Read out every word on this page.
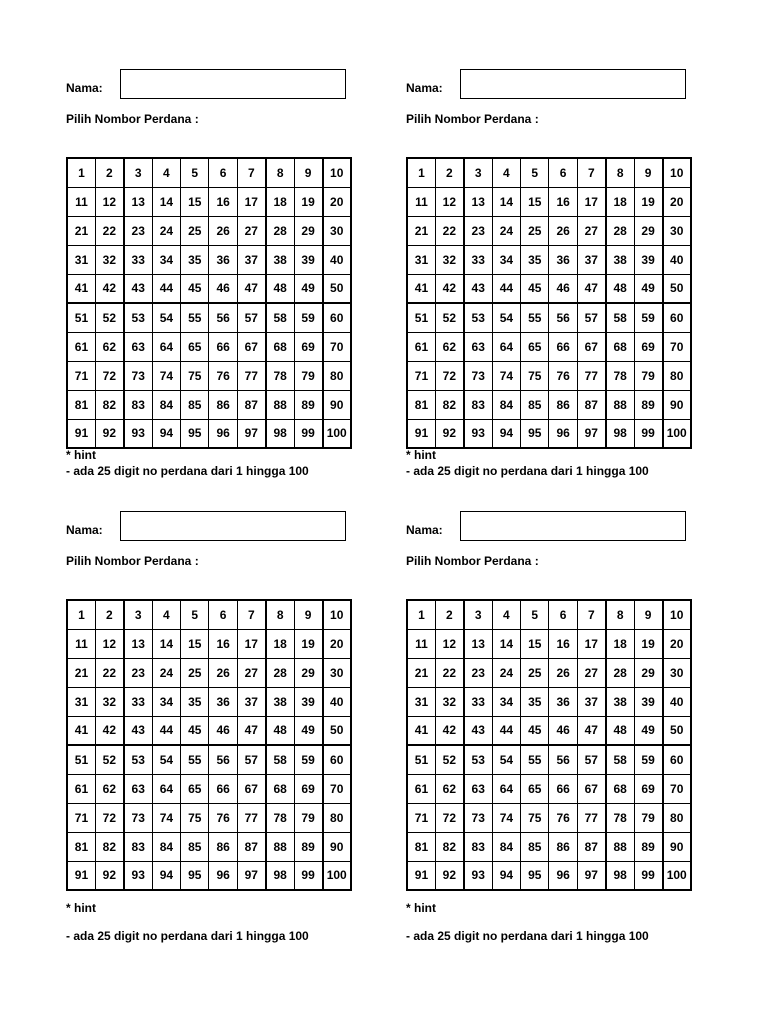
Nama:
Pilih Nombor Perdana :
1	2	3	4	5	6	7	8	9	10
11	12	13	14	15	16	17	18	19	20
21	22	23	24	25	26	27	28	29	30
31	32	33	34	35	36	37	38	39	40
41	42	43	44	45	46	47	48	49	50
51	52	53	54	55	56	57	58	59	60
61	62	63	64	65	66	67	68	69	70
71	72	73	74	75	76	77	78	79	80
81	82	83	84	85	86	87	88	89	90
91	92	93	94	95	96	97	98	99	100
* hint
- ada 25 digit no perdana dari 1 hingga 100
Nama:
Pilih Nombor Perdana :
1	2	3	4	5	6	7	8	9	10
11	12	13	14	15	16	17	18	19	20
21	22	23	24	25	26	27	28	29	30
31	32	33	34	35	36	37	38	39	40
41	42	43	44	45	46	47	48	49	50
51	52	53	54	55	56	57	58	59	60
61	62	63	64	65	66	67	68	69	70
71	72	73	74	75	76	77	78	79	80
81	82	83	84	85	86	87	88	89	90
91	92	93	94	95	96	97	98	99	100
* hint
- ada 25 digit no perdana dari 1 hingga 100
Nama:
Pilih Nombor Perdana :
1	2	3	4	5	6	7	8	9	10
11	12	13	14	15	16	17	18	19	20
21	22	23	24	25	26	27	28	29	30
31	32	33	34	35	36	37	38	39	40
41	42	43	44	45	46	47	48	49	50
51	52	53	54	55	56	57	58	59	60
61	62	63	64	65	66	67	68	69	70
71	72	73	74	75	76	77	78	79	80
81	82	83	84	85	86	87	88	89	90
91	92	93	94	95	96	97	98	99	100
* hint
- ada 25 digit no perdana dari 1 hingga 100
Nama:
Pilih Nombor Perdana :
1	2	3	4	5	6	7	8	9	10
11	12	13	14	15	16	17	18	19	20
21	22	23	24	25	26	27	28	29	30
31	32	33	34	35	36	37	38	39	40
41	42	43	44	45	46	47	48	49	50
51	52	53	54	55	56	57	58	59	60
61	62	63	64	65	66	67	68	69	70
71	72	73	74	75	76	77	78	79	80
81	82	83	84	85	86	87	88	89	90
91	92	93	94	95	96	97	98	99	100
* hint
- ada 25 digit no perdana dari 1 hingga 100
